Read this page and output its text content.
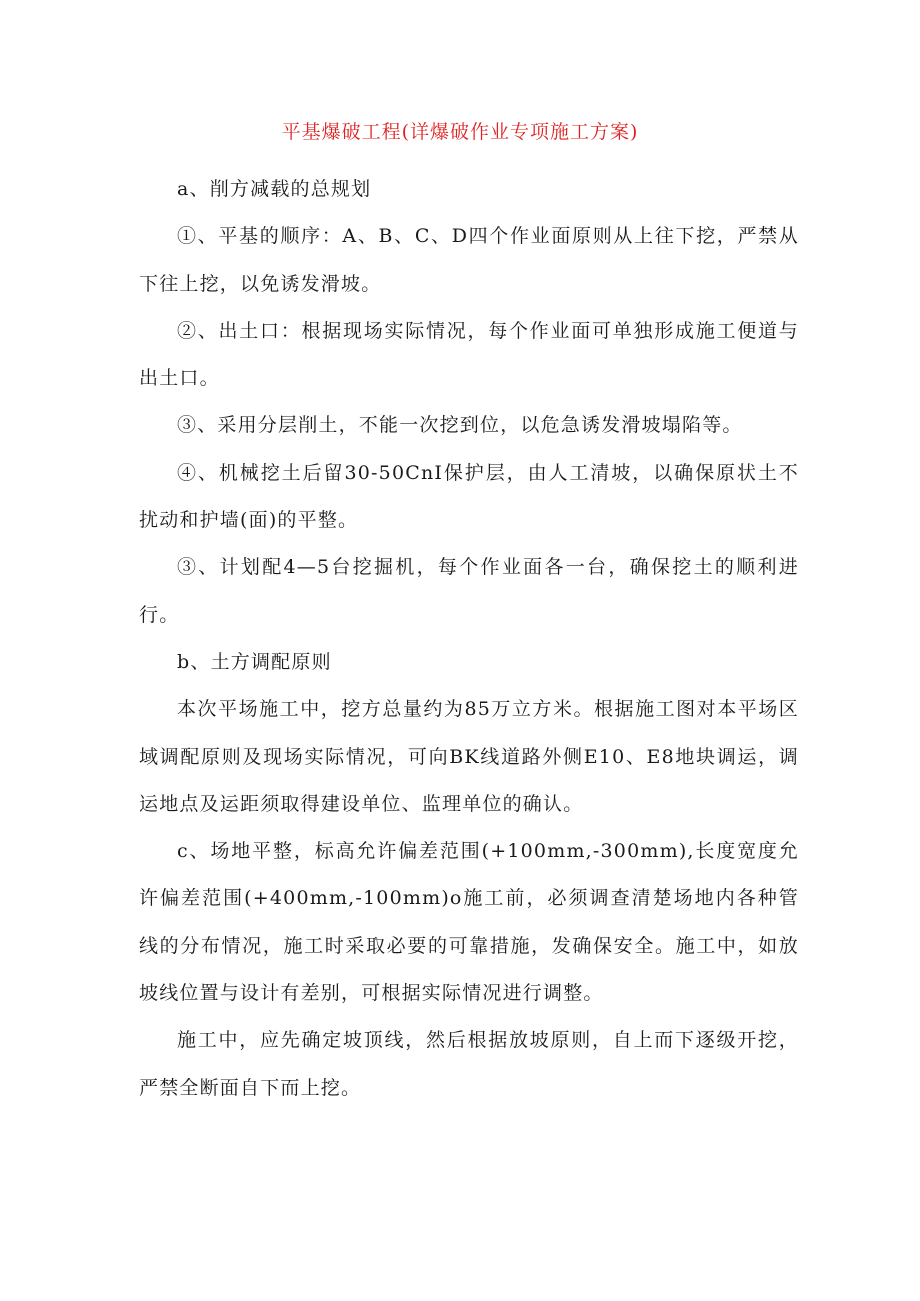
平基爆破工程(详爆破作业专项施工方案)

a、削方减载的总规划

①、平基的顺序：A、B、C、D四个作业面原则从上往下挖，严禁从下往上挖，以免诱发滑坡。

②、出土口：根据现场实际情况，每个作业面可单独形成施工便道与出土口。

③、采用分层削土，不能一次挖到位，以危急诱发滑坡塌陷等。

④、机械挖土后留30-50CnI保护层，由人工清坡，以确保原状土不扰动和护墙(面)的平整。

③、计划配4—5台挖掘机，每个作业面各一台，确保挖土的顺利进行。

b、土方调配原则

本次平场施工中，挖方总量约为85万立方米。根据施工图对本平场区域调配原则及现场实际情况，可向BK线道路外侧E10、E8地块调运，调运地点及运距须取得建设单位、监理单位的确认。

c、场地平整，标高允许偏差范围(+100mm,-300mm),长度宽度允许偏差范围(+400mm,-100mm)o施工前，必须调查清楚场地内各种管线的分布情况，施工时采取必要的可靠措施，发确保安全。施工中，如放坡线位置与设计有差别，可根据实际情况进行调整。

施工中，应先确定坡顶线，然后根据放坡原则，自上而下逐级开挖，严禁全断面自下而上挖。
